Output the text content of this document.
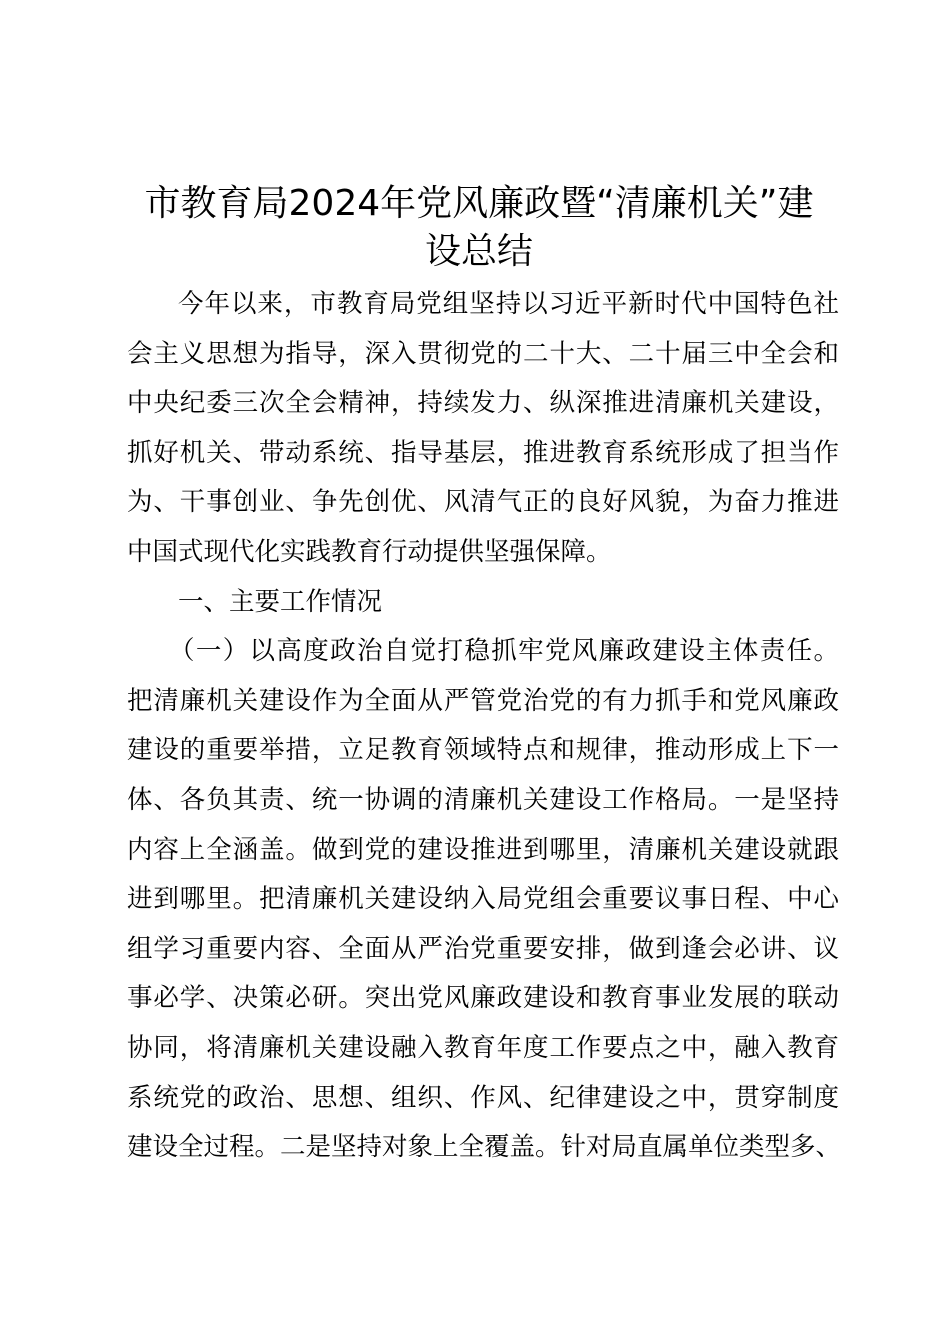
市教育局2024年党风廉政暨“清廉机关”建
设总结
今年以来，市教育局党组坚持以习近平新时代中国特色社
会主义思想为指导，深入贯彻党的二十大、二十届三中全会和
中央纪委三次全会精神，持续发力、纵深推进清廉机关建设，
抓好机关、带动系统、指导基层，推进教育系统形成了担当作
为、干事创业、争先创优、风清气正的良好风貌，为奋力推进
中国式现代化实践教育行动提供坚强保障。
一、主要工作情况
（一）以高度政治自觉打稳抓牢党风廉政建设主体责任。
把清廉机关建设作为全面从严管党治党的有力抓手和党风廉政
建设的重要举措，立足教育领域特点和规律，推动形成上下一
体、各负其责、统一协调的清廉机关建设工作格局。一是坚持
内容上全涵盖。做到党的建设推进到哪里，清廉机关建设就跟
进到哪里。把清廉机关建设纳入局党组会重要议事日程、中心
组学习重要内容、全面从严治党重要安排，做到逢会必讲、议
事必学、决策必研。突出党风廉政建设和教育事业发展的联动
协同，将清廉机关建设融入教育年度工作要点之中，融入教育
系统党的政治、思想、组织、作风、纪律建设之中，贯穿制度
建设全过程。二是坚持对象上全覆盖。针对局直属单位类型多、
